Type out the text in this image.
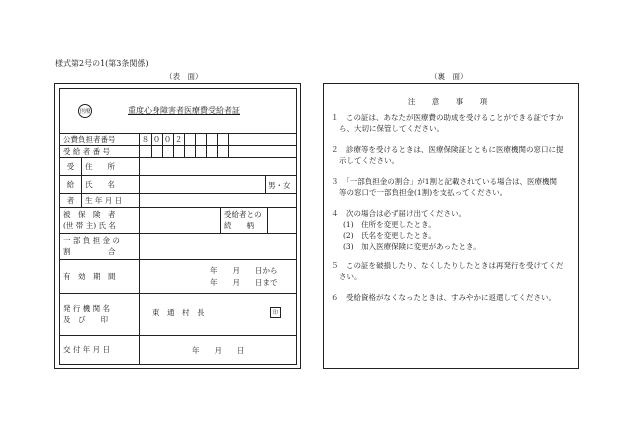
様式第2号の1(第3条関係)
（表　面）	（裏　面）
医療	重度心身障害者医療費受給者証
公費負担者番号	８ ０ ０ ２
受 給 者 番 号
受	住　　所
給	氏　　名	男・女
者	生 年 月 日
被　保　険　者
(世 帯 主) 氏 名
受給者との
続　　柄
一 部 負 担 金 の
割　　　　　合
有　効　期　間
年　　月　　日から
年　　月　　日まで
発 行 機 関 名
及　び　　印
東　通　村　長	印
交 付 年 月 日	年　　月　　日
注 意 事 項
１　この証は、あなたが医療費の助成を受けることができる証ですか
ら、大切に保管してください。
２　診療等を受けるときは、医療保険証とともに医療機関の窓口に提
示してください。
３　「一部負担金の割合」が1割と記載されている場合は、医療機関
等の窓口で一部負担金(1割)を支払ってください。
４　次の場合は必ず届け出てください。
(1)　住所を変更したとき。
(2)　氏名を変更したとき。
(3)　加入医療保険に変更があったとき。
５　この証を破損したり、なくしたりしたときは再発行を受けてくだ
さい。
６　受給資格がなくなったときは、すみやかに返還してください。
